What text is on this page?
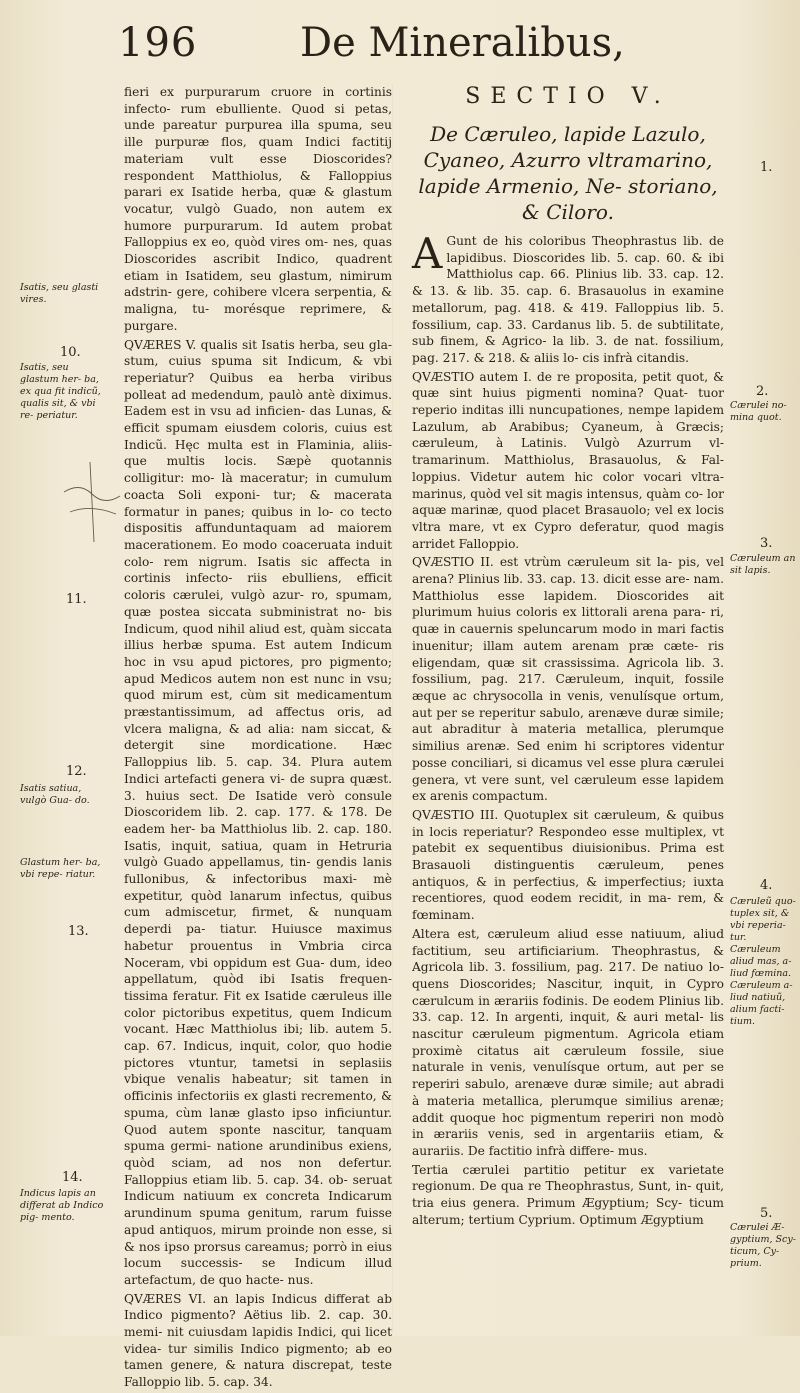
196	De Mineralibus,

fieri ex purpurarum cruore in cortinis infecto- rum ebulliente. Quod si petas, unde pareatur purpurea illa spuma, seu ille purpuræ flos, quam Indici factitij materiam vult esse Dioscorides? respondent Matthiolus, & Falloppius parari ex Isatide herba, quæ & glastum vocatur, vulgò Guado, non autem ex humore purpurarum. Id autem probat Falloppius ex eo, quòd vires om- nes, quas Dioscorides ascribit Indico, quadrent etiam in Isatidem, seu glastum, nimirum adstrin- gere, cohibere vlcera serpentia, & maligna, tu- morésque reprimere, & purgare.

QVÆRES V. qualis sit Isatis herba, seu gla- stum, cuius spuma sit Indicum, & vbi reperiatur? Quibus ea herba viribus polleat ad medendum, paulò antè diximus. Eadem est in vsu ad inficien- das Lunas, & efficit spumam eiusdem coloris, cuius est Indicũ. Hęc multa est in Flaminia, aliis- que multis locis. Sæpè quotannis colligitur: mo- là maceratur; in cumulum coacta Soli exponi- tur; & macerata formatur in panes; quibus in lo- co tecto dispositis affunduntaquam ad maiorem macerationem. Eo modo coaceruata induit colo- rem nigrum. Isatis sic affecta in cortinis infecto- riis ebulliens, efficit coloris cærulei, vulgò azur- ro, spumam, quæ postea siccata subministrat no- bis Indicum, quod nihil aliud est, quàm siccata illius herbæ spuma. Est autem Indicum hoc in vsu apud pictores, pro pigmento; apud Medicos autem non est nunc in vsu; quod mirum est, cùm sit medicamentum præstantissimum, ad affectus oris, ad vlcera maligna, & ad alia: nam siccat, & detergit sine mordicatione. Hæc Falloppius lib. 5. cap. 34. Plura autem Indici artefacti genera vi- de supra quæst. 3. huius sect. De Isatide verò consule Dioscoridem lib. 2. cap. 177. & 178. De eadem her- ba Matthiolus lib. 2. cap. 180. Isatis, inquit, satiua, quam in Hetruria vulgò Guado appellamus, tin- gendis lanis fullonibus, & infectoribus maxi- mè expetitur, quòd lanarum infectus, quibus cum admiscetur, firmet, & nunquam deperdi pa- tiatur. Huiusce maximus habetur prouentus in Vmbria circa Noceram, vbi oppidum est Gua- dum, ideo appellatum, quòd ibi Isatis frequen- tissima feratur. Fit ex Isatide cæruleus ille color pictoribus expetitus, quem Indicum vocant. Hæc Matthiolus ibi; lib. autem 5. cap. 67. Indicus, inquit, color, quo hodie pictores vtuntur, tametsi in seplasiis vbique venalis habeatur; sit tamen in officinis infectoriis ex glasti recremento, & spuma, cùm lanæ glasto ipso inficiuntur. Quod autem sponte nascitur, tanquam spuma germi- natione arundinibus exiens, quòd sciam, ad nos non defertur. Falloppius etiam lib. 5. cap. 34. ob- seruat Indicum natiuum ex concreta Indicarum arundinum spuma genitum, rarum fuisse apud antiquos, mirum proinde non esse, si & nos ipso prorsus careamus; porrò in eius locum successis- se Indicum illud artefactum, de quo hacte- nus.

QVÆRES VI. an lapis Indicus differat ab Indico pigmento? Aëtius lib. 2. cap. 30. memi- nit cuiusdam lapidis Indici, qui licet videa- tur similis Indico pigmento; ab eo tamen genere, & natura discrepat, teste Falloppio lib. 5. cap. 34.

SECTIO V.
De Cæruleo, lapide Lazulo, Cyaneo, Azurro vltramarino, lapide Armenio, Ne- storiano, & Ciloro.

A Gunt de his coloribus Theophrastus lib. de lapidibus. Dioscorides lib. 5. cap. 60. & ibi Matthiolus cap. 66. Plinius lib. 33. cap. 12. & 13. & lib. 35. cap. 6. Brasauolus in examine metallorum, pag. 418. & 419. Falloppius lib. 5. fossilium, cap. 33. Cardanus lib. 5. de subtilitate, sub finem, & Agrico- la lib. 3. de nat. fossilium, pag. 217. & 218. & aliis lo- cis infrà citandis.

QVÆSTIO autem I. de re proposita, petit quot, & quæ sint huius pigmenti nomina? Quat- tuor reperio inditas illi nuncupationes, nempe lapidem Lazulum, ab Arabibus; Cyaneum, à Græcis; cæruleum, à Latinis. Vulgò Azurrum vl- tramarinum. Matthiolus, Brasauolus, & Fal- loppius. Videtur autem hic color vocari vltra- marinus, quòd vel sit magis intensus, quàm co- lor aquæ marinæ, quod placet Brasauolo; vel ex locis vltra mare, vt ex Cypro deferatur, quod magis arridet Falloppio.

QVÆSTIO II. est vtrùm cæruleum sit la- pis, vel arena? Plinius lib. 33. cap. 13. dicit esse are- nam. Matthiolus esse lapidem. Dioscorides ait plurimum huius coloris ex littorali arena para- ri, quæ in cauernis speluncarum modo in mari factis inuenitur; illam autem arenam præ cæte- ris eligendam, quæ sit crassissima. Agricola lib. 3. fossilium, pag. 217. Cæruleum, inquit, fossile æque ac chrysocolla in venis, venulísque ortum, aut per se reperitur sabulo, arenæve duræ simile; aut abraditur à materia metallica, plerumque similius arenæ. Sed enim hi scriptores videntur posse conciliari, si dicamus vel esse plura cærulei genera, vt vere sunt, vel cæruleum esse lapidem ex arenis compactum.

QVÆSTIO III. Quotuplex sit cæruleum, & quibus in locis reperiatur? Respondeo esse multiplex, vt patebit ex sequentibus diuisionibus. Prima est Brasauoli distinguentis cæruleum, penes antiquos, & in perfectius, & imperfectius; iuxta recentiores, quod eodem recidit, in ma- rem, & fœminam.

Altera est, cæruleum aliud esse natiuum, aliud factitium, seu artificiarium. Theophrastus, & Agricola lib. 3. fossilium, pag. 217. De natiuo lo- quens Dioscorides; Nascitur, inquit, in Cypro cærulcum in ærariis fodinis. De eodem Plinius lib. 33. cap. 12. In argenti, inquit, & auri metal- lis nascitur cæruleum pigmentum. Agricola etiam proximè citatus ait cæruleum fossile, siue naturale in venis, venulísque ortum, aut per se reperiri sabulo, arenæve duræ simile; aut abradi à materia metallica, plerumque similius arenæ; addit quoque hoc pigmentum reperiri non modò in ærariis venis, sed in argentariis etiam, & aurariis. De factitio infrà differe- mus.

Tertia cærulei partitio petitur ex varietate regionum. De qua re Theophrastus, Sunt, in- quit, tria eius genera. Primum Ægyptium; Scy- ticum alterum; tertium Cyprium. Optimum Ægyptium

Isatis, seu glasti vires.
10.
Isatis, seu glastum her- ba, ex qua fit indicũ, qualis sit, & vbi re- periatur.
11.
12.
Isatis satiua, vulgò Gua- do.
Glastum her- ba, vbi repe- riatur.
13.
14.
Indicus lapis an differat ab Indico pig- mento.
1.
2.
Cærulei no- mina quot.
3.
Cæruleum an sit lapis.
4.
Cæruleũ quo- tuplex sit, & vbi reperia- tur. Cæruleum aliud mas, a- liud fœmina. Cæruleum a- liud natiuũ, alium facti- tium.
5.
Cærulei Æ- gyptium, Scy- ticum, Cy- prium.
